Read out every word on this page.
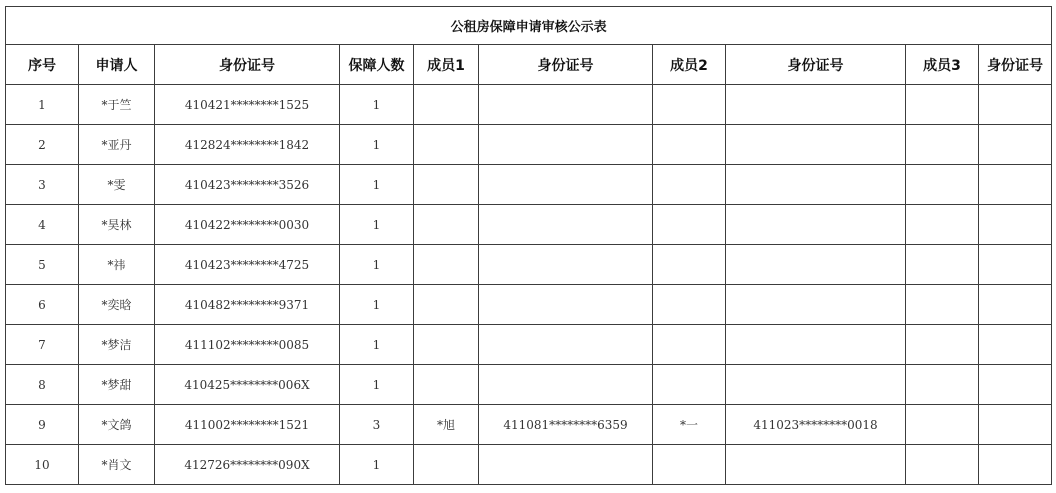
公租房保障申请审核公示表									
序号	申请人	身份证号	保障人数	成员1	身份证号	成员2	身份证号	成员3	身份证号
1	*于竺	410421********1525	1						
2	*亚丹	412824********1842	1						
3	*雯	410423********3526	1						
4	*昊林	410422********0030	1						
5	*祎	410423********4725	1						
6	*奕晗	410482********9371	1						
7	*梦洁	411102********0085	1						
8	*梦甜	410425********006X	1						
9	*文鸽	411002********1521	3	*旭	411081********6359	*一	411023********0018		
10	*肖文	412726********090X	1						
